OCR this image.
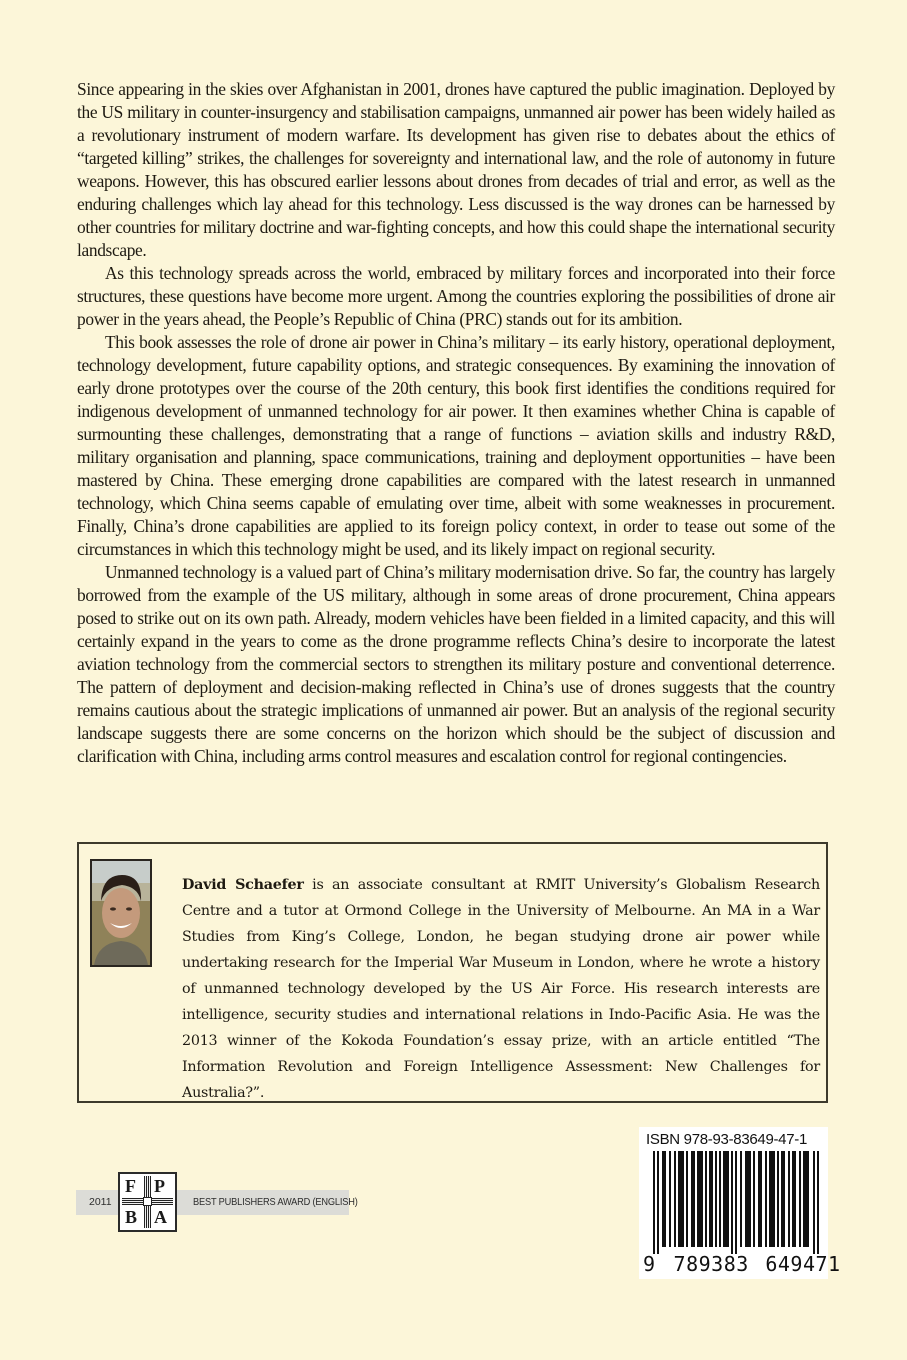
Since appearing in the skies over Afghanistan in 2001, drones have captured the public imagination. Deployed by the US military in counter-insurgency and stabilisation campaigns, unmanned air power has been widely hailed as a revolutionary instrument of modern warfare. Its development has given rise to debates about the ethics of “targeted killing” strikes, the challenges for sovereignty and international law, and the role of autonomy in future weapons. However, this has obscured earlier lessons about drones from decades of trial and error, as well as the enduring challenges which lay ahead for this technology. Less discussed is the way drones can be harnessed by other countries for military doctrine and war-fighting concepts, and how this could shape the international security landscape.

As this technology spreads across the world, embraced by military forces and incorporated into their force structures, these questions have become more urgent. Among the countries exploring the possibilities of drone air power in the years ahead, the People’s Republic of China (PRC) stands out for its ambition.

This book assesses the role of drone air power in China’s military – its early history, operational deployment, technology development, future capability options, and strategic consequences. By examining the innovation of early drone prototypes over the course of the 20th century, this book first identifies the conditions required for indigenous development of unmanned technology for air power. It then examines whether China is capable of surmounting these challenges, demonstrating that a range of functions – aviation skills and industry R&D, military organisation and planning, space communications, training and deployment opportunities – have been mastered by China. These emerging drone capabilities are compared with the latest research in unmanned technology, which China seems capable of emulating over time, albeit with some weaknesses in procurement. Finally, China’s drone capabilities are applied to its foreign policy context, in order to tease out some of the circumstances in which this technology might be used, and its likely impact on regional security.

Unmanned technology is a valued part of China’s military modernisation drive. So far, the country has largely borrowed from the example of the US military, although in some areas of drone procurement, China appears posed to strike out on its own path. Already, modern vehicles have been fielded in a limited capacity, and this will certainly expand in the years to come as the drone programme reflects China’s desire to incorporate the latest aviation technology from the commercial sectors to strengthen its military posture and conventional deterrence. The pattern of deployment and decision-making reflected in China’s use of drones suggests that the country remains cautious about the strategic implications of unmanned air power. But an analysis of the regional security landscape suggests there are some concerns on the horizon which should be the subject of discussion and clarification with China, including arms control measures and escalation control for regional contingencies.

David Schaefer is an associate consultant at RMIT University’s Globalism Research Centre and a tutor at Ormond College in the University of Melbourne. An MA in a War Studies from King’s College, London, he began studying drone air power while undertaking research for the Imperial War Museum in London, where he wrote a history of unmanned technology developed by the US Air Force. His research interests are intelligence, security studies and international relations in Indo-Pacific Asia. He was the 2013 winner of the Kokoda Foundation’s essay prize, with an article entitled “The Information Revolution and Foreign Intelligence Assessment: New Challenges for Australia?”.
2011	BEST PUBLISHERS AWARD (ENGLISH)
F P
B A
ISBN 978-93-83649-47-1
9 789383 649471
